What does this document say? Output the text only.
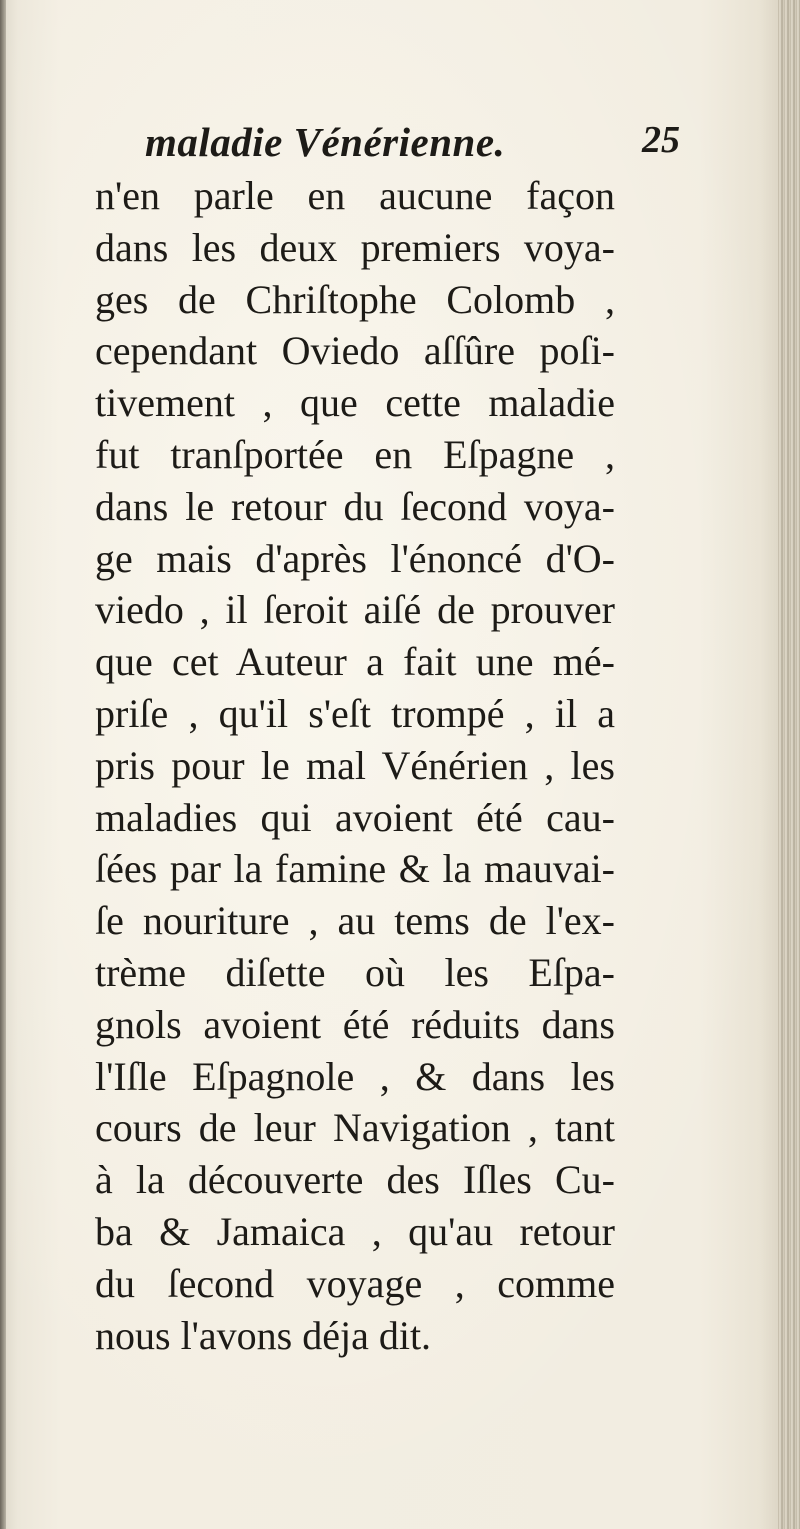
maladie Vénérienne.	25
n'en parle en aucune façon
dans les deux premiers voya-
ges de Chriſtophe Colomb ,
cependant Oviedo aſſûre poſi-
tivement , que cette maladie
fut tranſportée en Eſpagne ,
dans le retour du ſecond voya-
ge mais d'après l'énoncé d'O-
viedo , il ſeroit aiſé de prouver
que cet Auteur a fait une mé-
priſe , qu'il s'eſt trompé , il a
pris pour le mal Vénérien , les
maladies qui avoient été cau-
ſées par la famine & la mauvai-
ſe nouriture , au tems de l'ex-
trème diſette où les Eſpa-
gnols avoient été réduits dans
l'Iſle Eſpagnole , & dans les
cours de leur Navigation , tant
à la découverte des Iſles Cu-
ba & Jamaica , qu'au retour
du ſecond voyage , comme
nous l'avons déja dit.
